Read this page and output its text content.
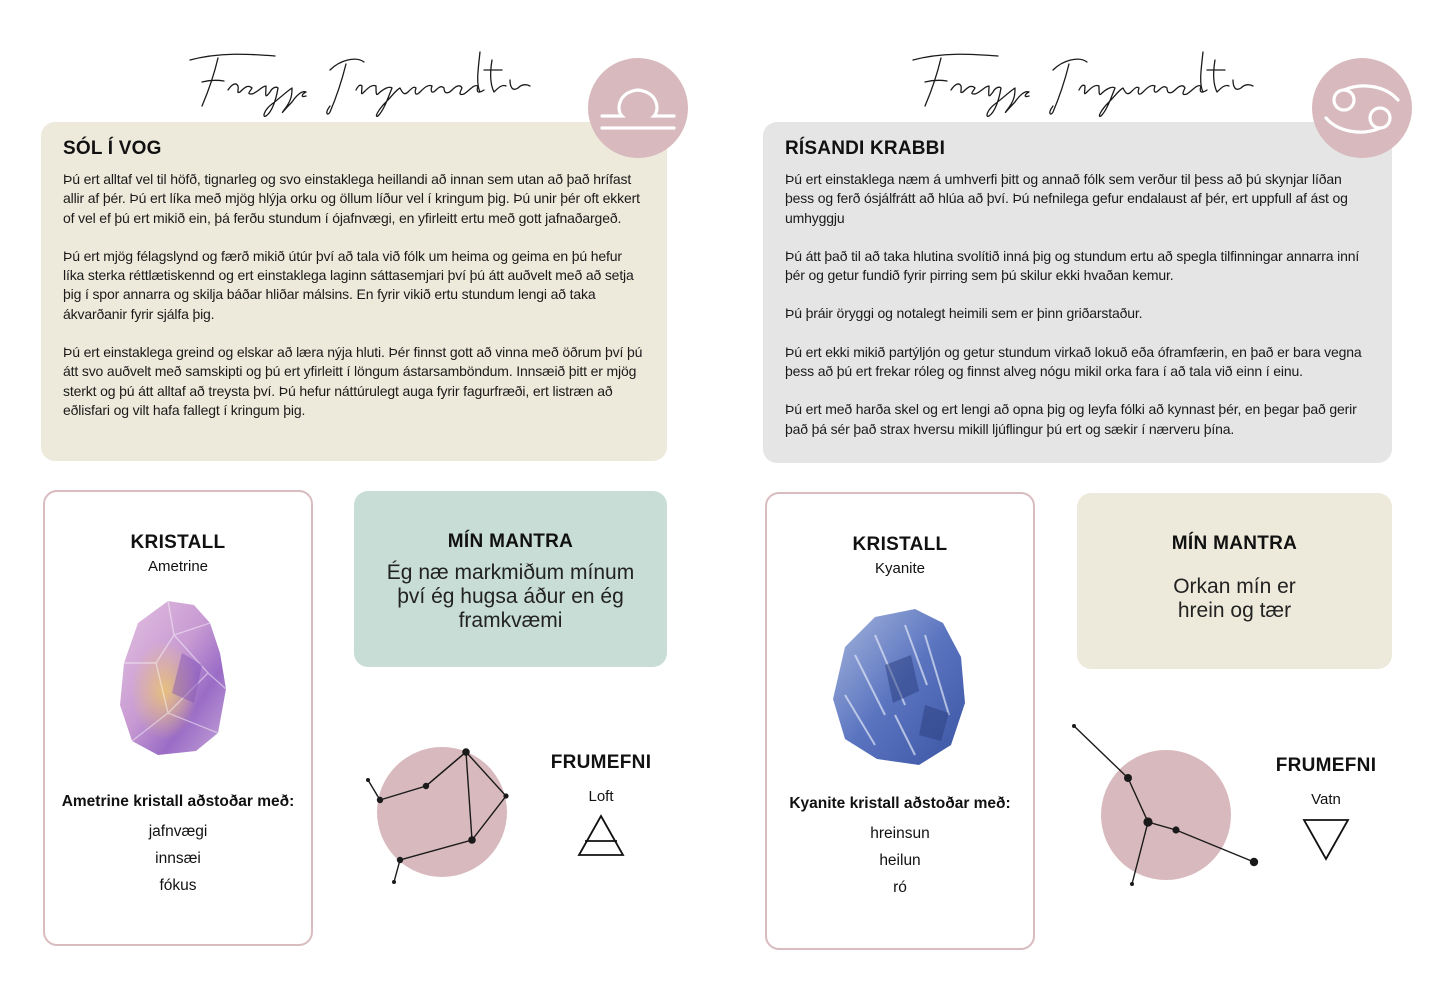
SÓL Í VOG

Þú ert alltaf vel til höfð, tignarleg og svo einstaklega heillandi að innan sem utan að það hrífast allir af þér. Þú ert líka með mjög hlýja orku og öllum líður vel í kringum þig. Þú unir þér oft ekkert of vel ef þú ert mikið ein, þá ferðu stundum í ójafnvægi, en yfirleitt ertu með gott jafnaðargeð.

Þú ert mjög félagslynd og færð mikið útúr því að tala við fólk um heima og geima en þú hefur líka sterka réttlætiskennd og ert einstaklega laginn sáttasemjari því þú átt auðvelt með að setja þig í spor annarra og skilja báðar hliðar málsins. En fyrir vikið ertu stundum lengi að taka ákvarðanir fyrir sjálfa þig.

Þú ert einstaklega greind og elskar að læra nýja hluti. Þér finnst gott að vinna með öðrum því þú átt svo auðvelt með samskipti og þú ert yfirleitt í löngum ástarsamböndum. Innsæið þitt er mjög sterkt og þú átt alltaf að treysta því. Þú hefur náttúrulegt auga fyrir fagurfræði, ert listræn að eðlisfari og vilt hafa fallegt í kringum þig.

KRISTALL
Ametrine
Ametrine kristall aðstoðar með:
jafnvægi
innsæi
fókus
MÍN MANTRA
Ég næ markmiðum mínum því ég hugsa áður en ég framkvæmi
FRUMEFNI
Loft
RÍSANDI KRABBI

Þú ert einstaklega næm á umhverfi þitt og annað fólk sem verður til þess að þú skynjar líðan þess og ferð ósjálfrátt að hlúa að því. Þú nefnilega gefur endalaust af þér, ert uppfull af ást og umhyggju

Þú átt það til að taka hlutina svolítið inná þig og stundum ertu að spegla tilfinningar annarra inní þér og getur fundið fyrir pirring sem þú skilur ekki hvaðan kemur.

Þú þráir öryggi og notalegt heimili sem er þinn griðarstaður.

Þú ert ekki mikið partýljón og getur stundum virkað lokuð eða óframfærin, en það er bara vegna þess að þú ert frekar róleg og finnst alveg nógu mikil orka fara í að tala við einn í einu.

Þú ert með harða skel og ert lengi að opna þig og leyfa fólki að kynnast þér, en þegar það gerir það þá sér það strax hversu mikill ljúflingur þú ert og sækir í nærveru þína.

KRISTALL
Kyanite
Kyanite kristall aðstoðar með:
hreinsun
heilun
ró
MÍN MANTRA
Orkan mín er hrein og tær
FRUMEFNI
Vatn
